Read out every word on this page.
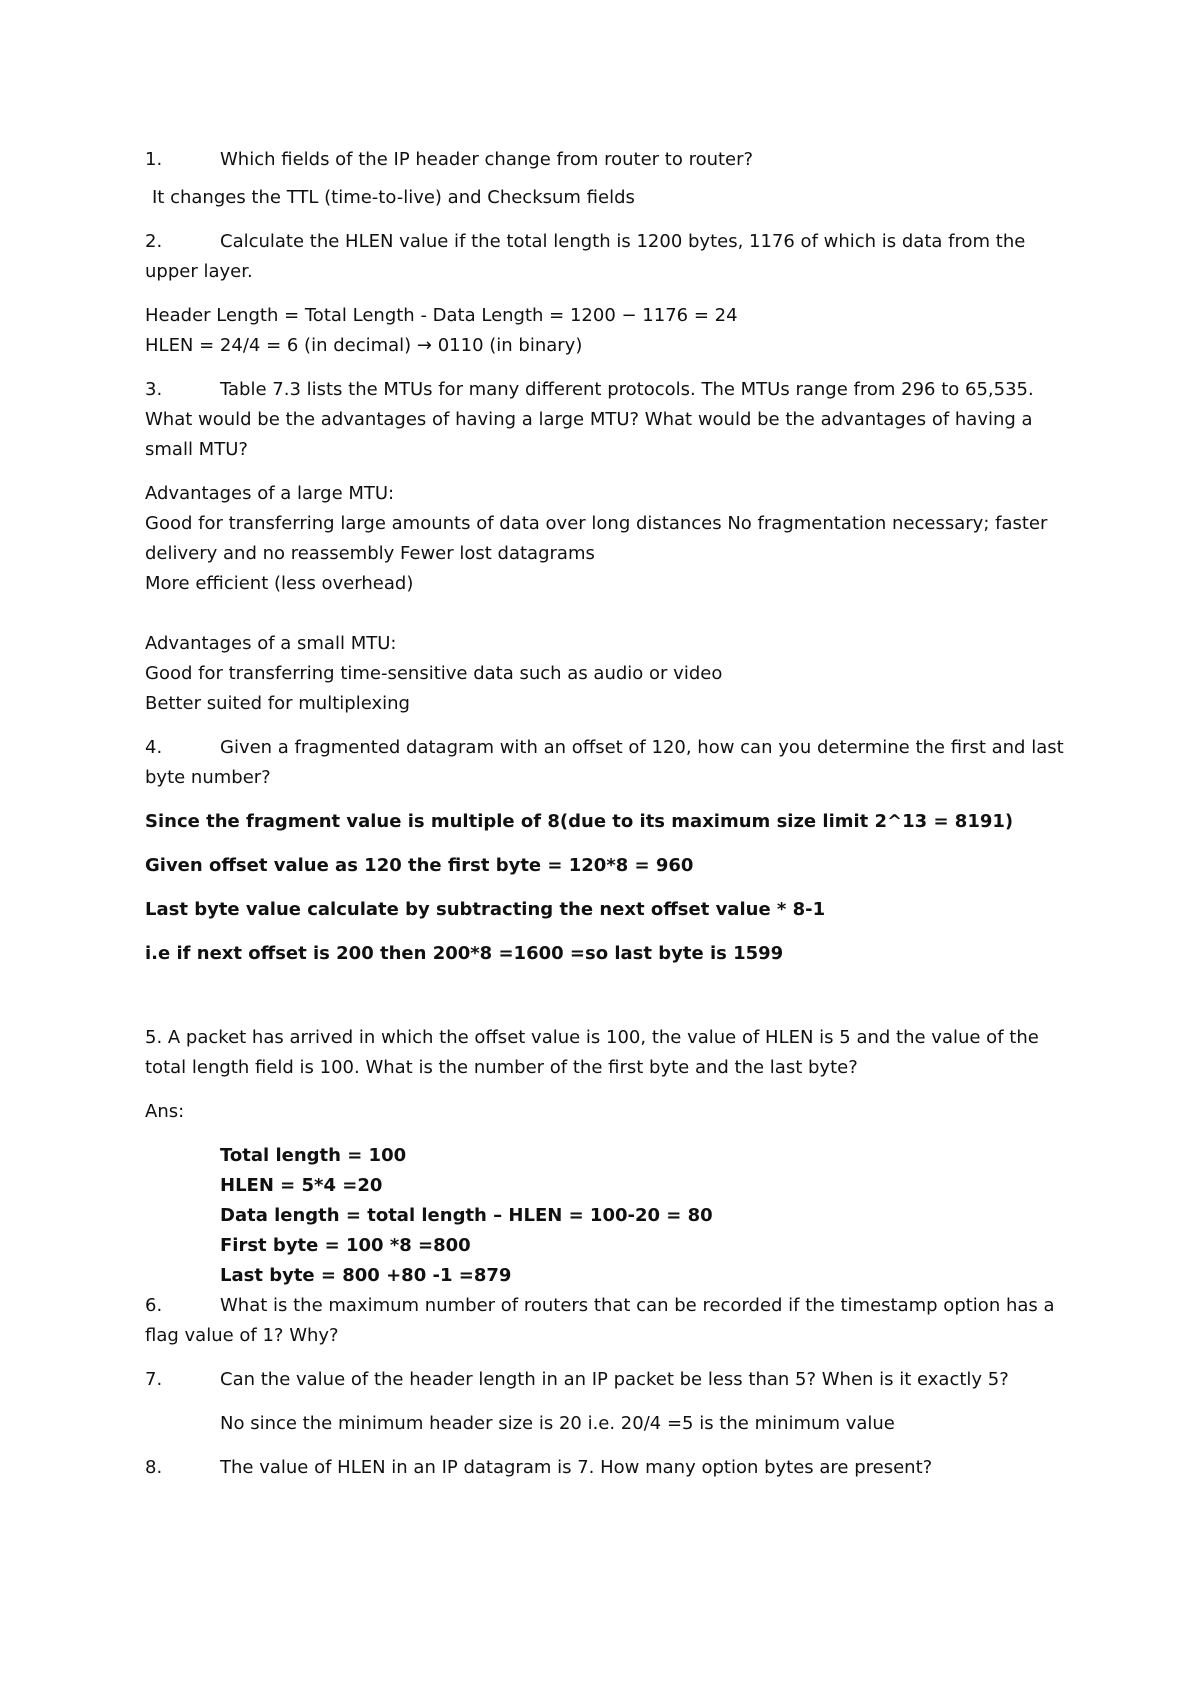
1.	Which fields of the IP header change from router to router?

It changes the TTL (time-to-live) and Checksum fields

2.	Calculate the HLEN value if the total length is 1200 bytes, 1176 of which is data from the upper layer.

Header Length = Total Length - Data Length = 1200 − 1176 = 24

HLEN = 24/4 = 6 (in decimal) → 0110 (in binary)

3.	Table 7.3 lists the MTUs for many different protocols. The MTUs range from 296 to 65,535. What would be the advantages of having a large MTU? What would be the advantages of having a small MTU?

Advantages of a large MTU:

Good for transferring large amounts of data over long distances No fragmentation necessary; faster delivery and no reassembly Fewer lost datagrams

More efficient (less overhead)

Advantages of a small MTU:

Good for transferring time-sensitive data such as audio or video

Better suited for multiplexing

4.	Given a fragmented datagram with an offset of 120, how can you determine the first and last byte number?

Since the fragment value is multiple of 8(due to its maximum size limit 2^13 = 8191)

Given offset value as 120 the first byte = 120*8 = 960

Last byte value calculate by subtracting the next offset value * 8-1

i.e if next offset is 200 then 200*8 =1600 =so last byte is 1599

5. A packet has arrived in which the offset value is 100, the value of HLEN is 5 and the value of the total length field is 100. What is the number of the first byte and the last byte?

Ans:

Total length = 100

HLEN = 5*4 =20

Data length = total length – HLEN = 100-20 = 80

First byte = 100 *8 =800

Last byte = 800 +80 -1 =879

6.	What is the maximum number of routers that can be recorded if the timestamp option has a flag value of 1? Why?

7.	Can the value of the header length in an IP packet be less than 5? When is it exactly 5?

No since the minimum header size is 20 i.e. 20/4 =5 is the minimum value

8.	The value of HLEN in an IP datagram is 7. How many option bytes are present?
